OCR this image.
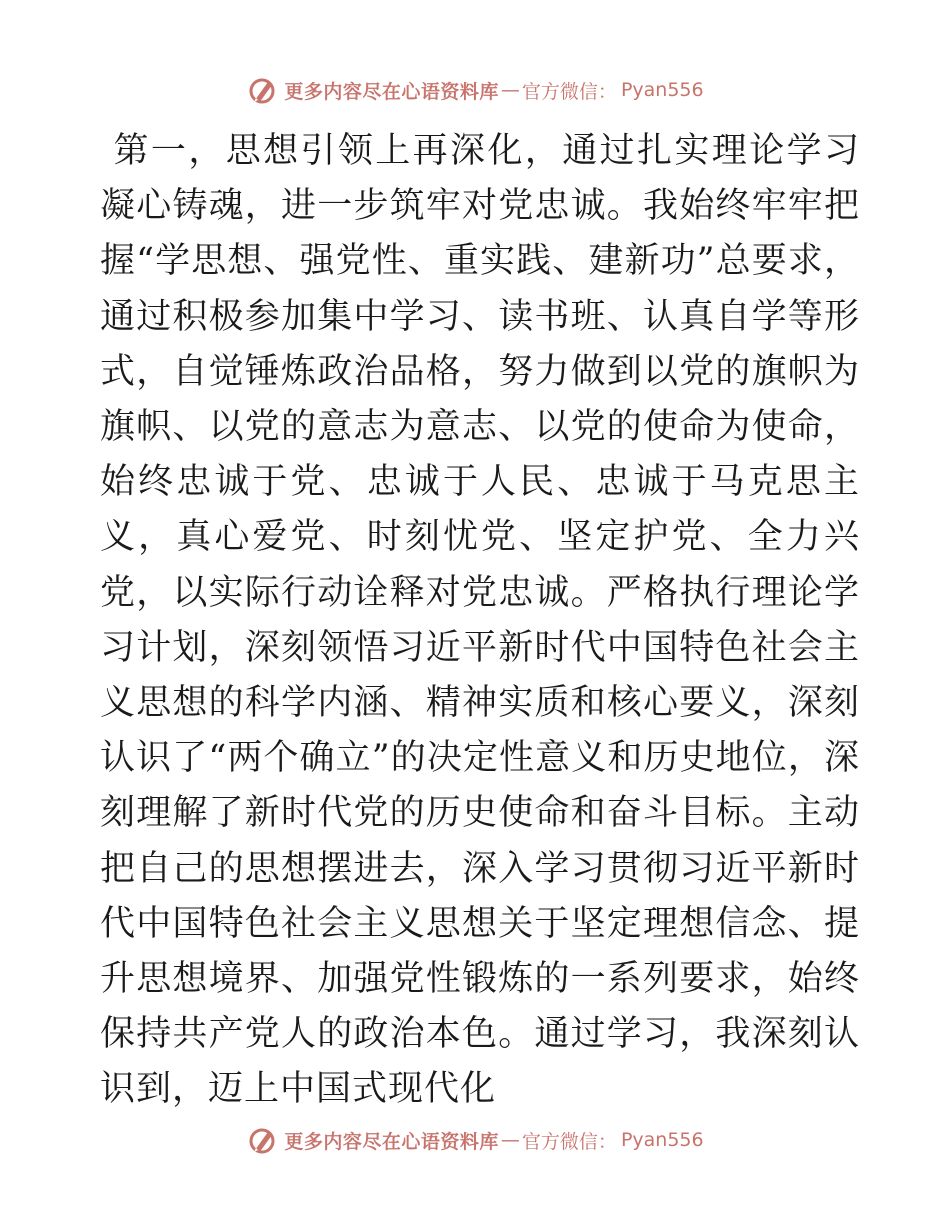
更多内容尽在心语资料库 — 官方微信： Pyan556

第一，思想引领上再深化，通过扎实理论学习凝心铸魂，进一步筑牢对党忠诚。我始终牢牢把握“学思想、强党性、重实践、建新功”总要求，通过积极参加集中学习、读书班、认真自学等形式，自觉锤炼政治品格，努力做到以党的旗帜为旗帜、以党的意志为意志、以党的使命为使命，始终忠诚于党、忠诚于人民、忠诚于马克思主义，真心爱党、时刻忧党、坚定护党、全力兴党，以实际行动诠释对党忠诚。严格执行理论学习计划，深刻领悟习近平新时代中国特色社会主义思想的科学内涵、精神实质和核心要义，深刻认识了“两个确立”的决定性意义和历史地位，深刻理解了新时代党的历史使命和奋斗目标。主动把自己的思想摆进去，深入学习贯彻习近平新时代中国特色社会主义思想关于坚定理想信念、提升思想境界、加强党性锻炼的一系列要求，始终保持共产党人的政治本色。通过学习，我深刻认识到，迈上中国式现代化

更多内容尽在心语资料库 — 官方微信： Pyan556
